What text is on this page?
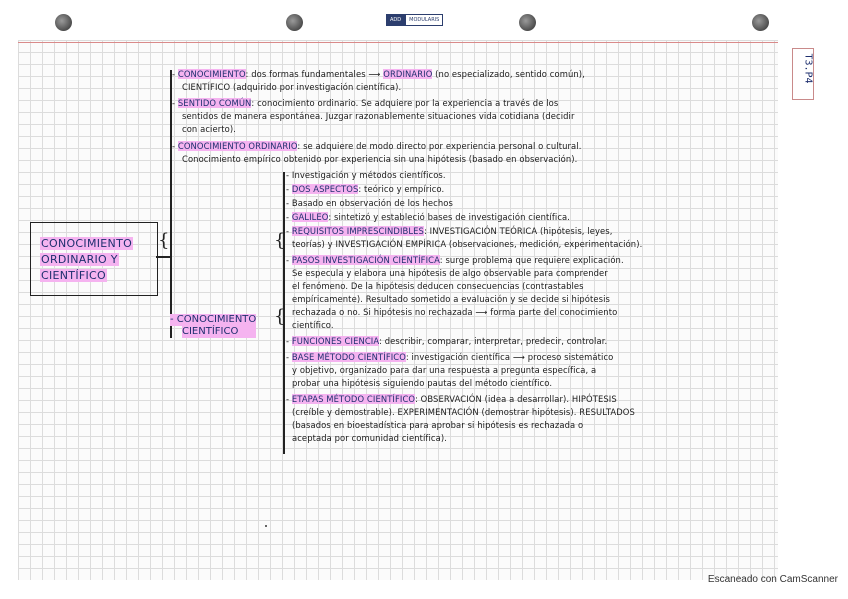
ADD	MODULARIS
T3.P4
CONOCIMIENTO
ORDINARIO Y
CIENTÍFICO
{
{
{
- CONOCIMIENTO
CIENTÍFICO
- CONOCIMIENTO: dos formas fundamentales ⟶ ORDINARIO (no especializado, sentido común),
CIENTÍFICO (adquirido por investigación científica).
- SENTIDO COMÚN: conocimiento ordinario. Se adquiere por la experiencia a través de los
sentidos de manera espontánea. Juzgar razonablemente situaciones vida cotidiana (decidir
con acierto).
- CONOCIMIENTO ORDINARIO: se adquiere de modo directo por experiencia personal o cultural.
Conocimiento empírico obtenido por experiencia sin una hipótesis (basado en observación).
- Investigación y métodos científicos.
- DOS ASPECTOS: teórico y empírico.
- Basado en observación de los hechos
- GALILEO: sintetizó y estableció bases de investigación científica.
- REQUISITOS IMPRESCINDIBLES: INVESTIGACIÓN TEÓRICA (hipótesis, leyes,
teorías) y INVESTIGACIÓN EMPÍRICA (observaciones, medición, experimentación).
- PASOS INVESTIGACIÓN CIENTÍFICA: surge problema que requiere explicación.
Se especula y elabora una hipótesis de algo observable para comprender
el fenómeno. De la hipótesis deducen consecuencias (contrastables
empíricamente). Resultado sometido a evaluación y se decide si hipótesis
rechazada o no. Si hipótesis no rechazada ⟶ forma parte del conocimiento
científico.
- FUNCIONES CIENCIA: describir, comparar, interpretar, predecir, controlar.
- BASE MÉTODO CIENTÍFICO: investigación científica ⟶ proceso sistemático
y objetivo, organizado para dar una respuesta a pregunta específica, a
probar una hipótesis siguiendo pautas del método científico.
- ETAPAS MÉTODO CIENTÍFICO: OBSERVACIÓN (idea a desarrollar). HIPÓTESIS
(creíble y demostrable). EXPERIMENTACIÓN (demostrar hipótesis). RESULTADOS
(basados en bioestadística para aprobar si hipótesis es rechazada o
aceptada por comunidad científica).
Escaneado con CamScanner
